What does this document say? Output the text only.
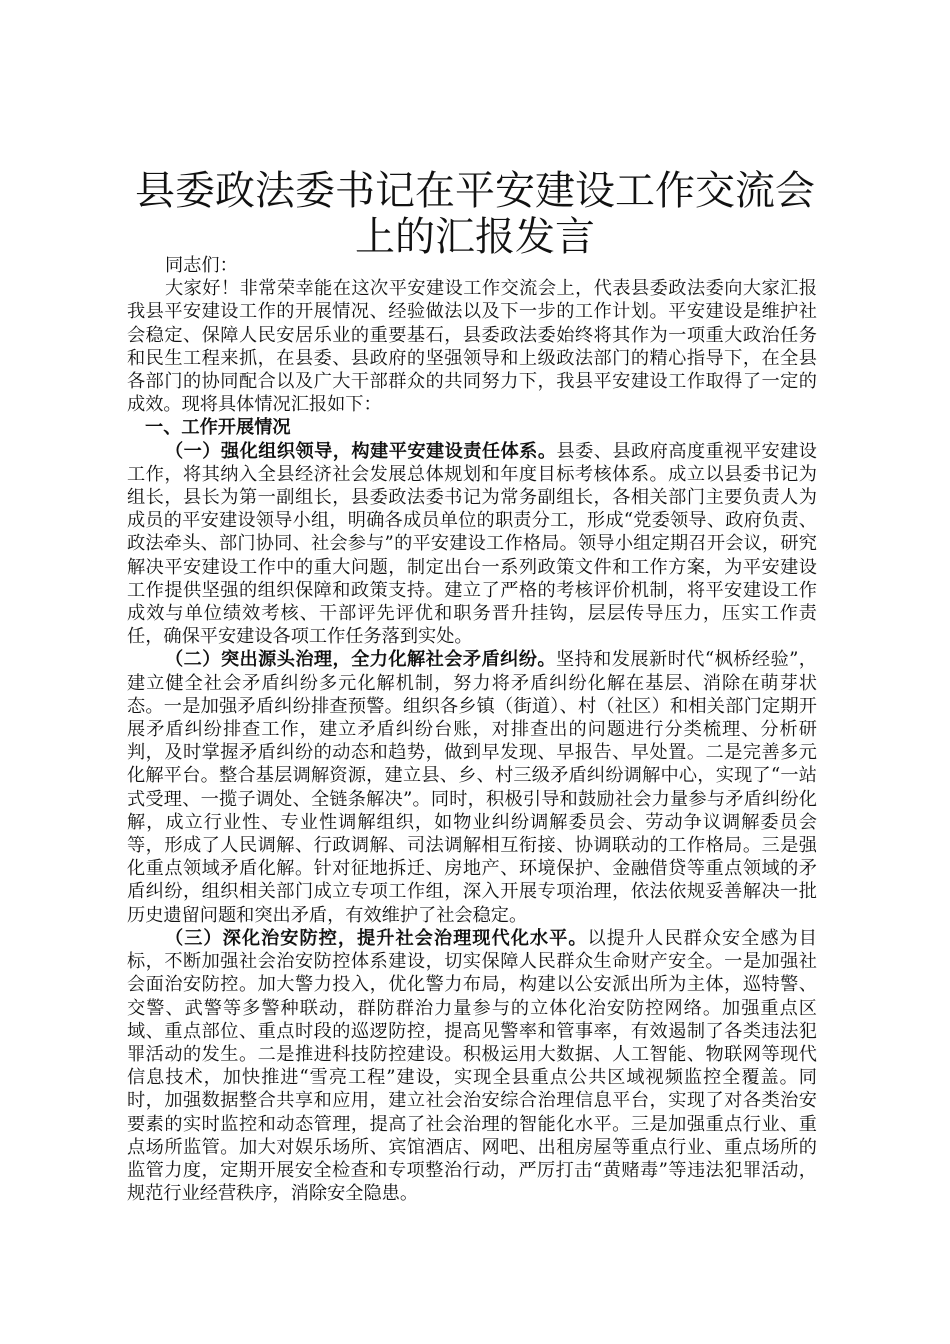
县委政法委书记在平安建设工作交流会上的汇报发言

同志们：

大家好！非常荣幸能在这次平安建设工作交流会上，代表县委政法委向大家汇报我县平安建设工作的开展情况、经验做法以及下一步的工作计划。平安建设是维护社会稳定、保障人民安居乐业的重要基石，县委政法委始终将其作为一项重大政治任务和民生工程来抓，在县委、县政府的坚强领导和上级政法部门的精心指导下，在全县各部门的协同配合以及广大干部群众的共同努力下，我县平安建设工作取得了一定的成效。现将具体情况汇报如下：

一、工作开展情况

（一）强化组织领导，构建平安建设责任体系。县委、县政府高度重视平安建设工作，将其纳入全县经济社会发展总体规划和年度目标考核体系。成立以县委书记为组长，县长为第一副组长，县委政法委书记为常务副组长，各相关部门主要负责人为成员的平安建设领导小组，明确各成员单位的职责分工，形成“党委领导、政府负责、政法牵头、部门协同、社会参与”的平安建设工作格局。领导小组定期召开会议，研究解决平安建设工作中的重大问题，制定出台一系列政策文件和工作方案，为平安建设工作提供坚强的组织保障和政策支持。建立了严格的考核评价机制，将平安建设工作成效与单位绩效考核、干部评先评优和职务晋升挂钩，层层传导压力，压实工作责任，确保平安建设各项工作任务落到实处。

（二）突出源头治理，全力化解社会矛盾纠纷。坚持和发展新时代“枫桥经验”，建立健全社会矛盾纠纷多元化解机制，努力将矛盾纠纷化解在基层、消除在萌芽状态。一是加强矛盾纠纷排查预警。组织各乡镇（街道）、村（社区）和相关部门定期开展矛盾纠纷排查工作，建立矛盾纠纷台账，对排查出的问题进行分类梳理、分析研判，及时掌握矛盾纠纷的动态和趋势，做到早发现、早报告、早处置。二是完善多元化解平台。整合基层调解资源，建立县、乡、村三级矛盾纠纷调解中心，实现了“一站式受理、一揽子调处、全链条解决”。同时，积极引导和鼓励社会力量参与矛盾纠纷化解，成立行业性、专业性调解组织，如物业纠纷调解委员会、劳动争议调解委员会等，形成了人民调解、行政调解、司法调解相互衔接、协调联动的工作格局。三是强化重点领域矛盾化解。针对征地拆迁、房地产、环境保护、金融借贷等重点领域的矛盾纠纷，组织相关部门成立专项工作组，深入开展专项治理，依法依规妥善解决一批历史遗留问题和突出矛盾，有效维护了社会稳定。

（三）深化治安防控，提升社会治理现代化水平。以提升人民群众安全感为目标，不断加强社会治安防控体系建设，切实保障人民群众生命财产安全。一是加强社会面治安防控。加大警力投入，优化警力布局，构建以公安派出所为主体，巡特警、交警、武警等多警种联动，群防群治力量参与的立体化治安防控网络。加强重点区域、重点部位、重点时段的巡逻防控，提高见警率和管事率，有效遏制了各类违法犯罪活动的发生。二是推进科技防控建设。积极运用大数据、人工智能、物联网等现代信息技术，加快推进“雪亮工程”建设，实现全县重点公共区域视频监控全覆盖。同时，加强数据整合共享和应用，建立社会治安综合治理信息平台，实现了对各类治安要素的实时监控和动态管理，提高了社会治理的智能化水平。三是加强重点行业、重点场所监管。加大对娱乐场所、宾馆酒店、网吧、出租房屋等重点行业、重点场所的监管力度，定期开展安全检查和专项整治行动，严厉打击“黄赌毒”等违法犯罪活动，规范行业经营秩序，消除安全隐患。
